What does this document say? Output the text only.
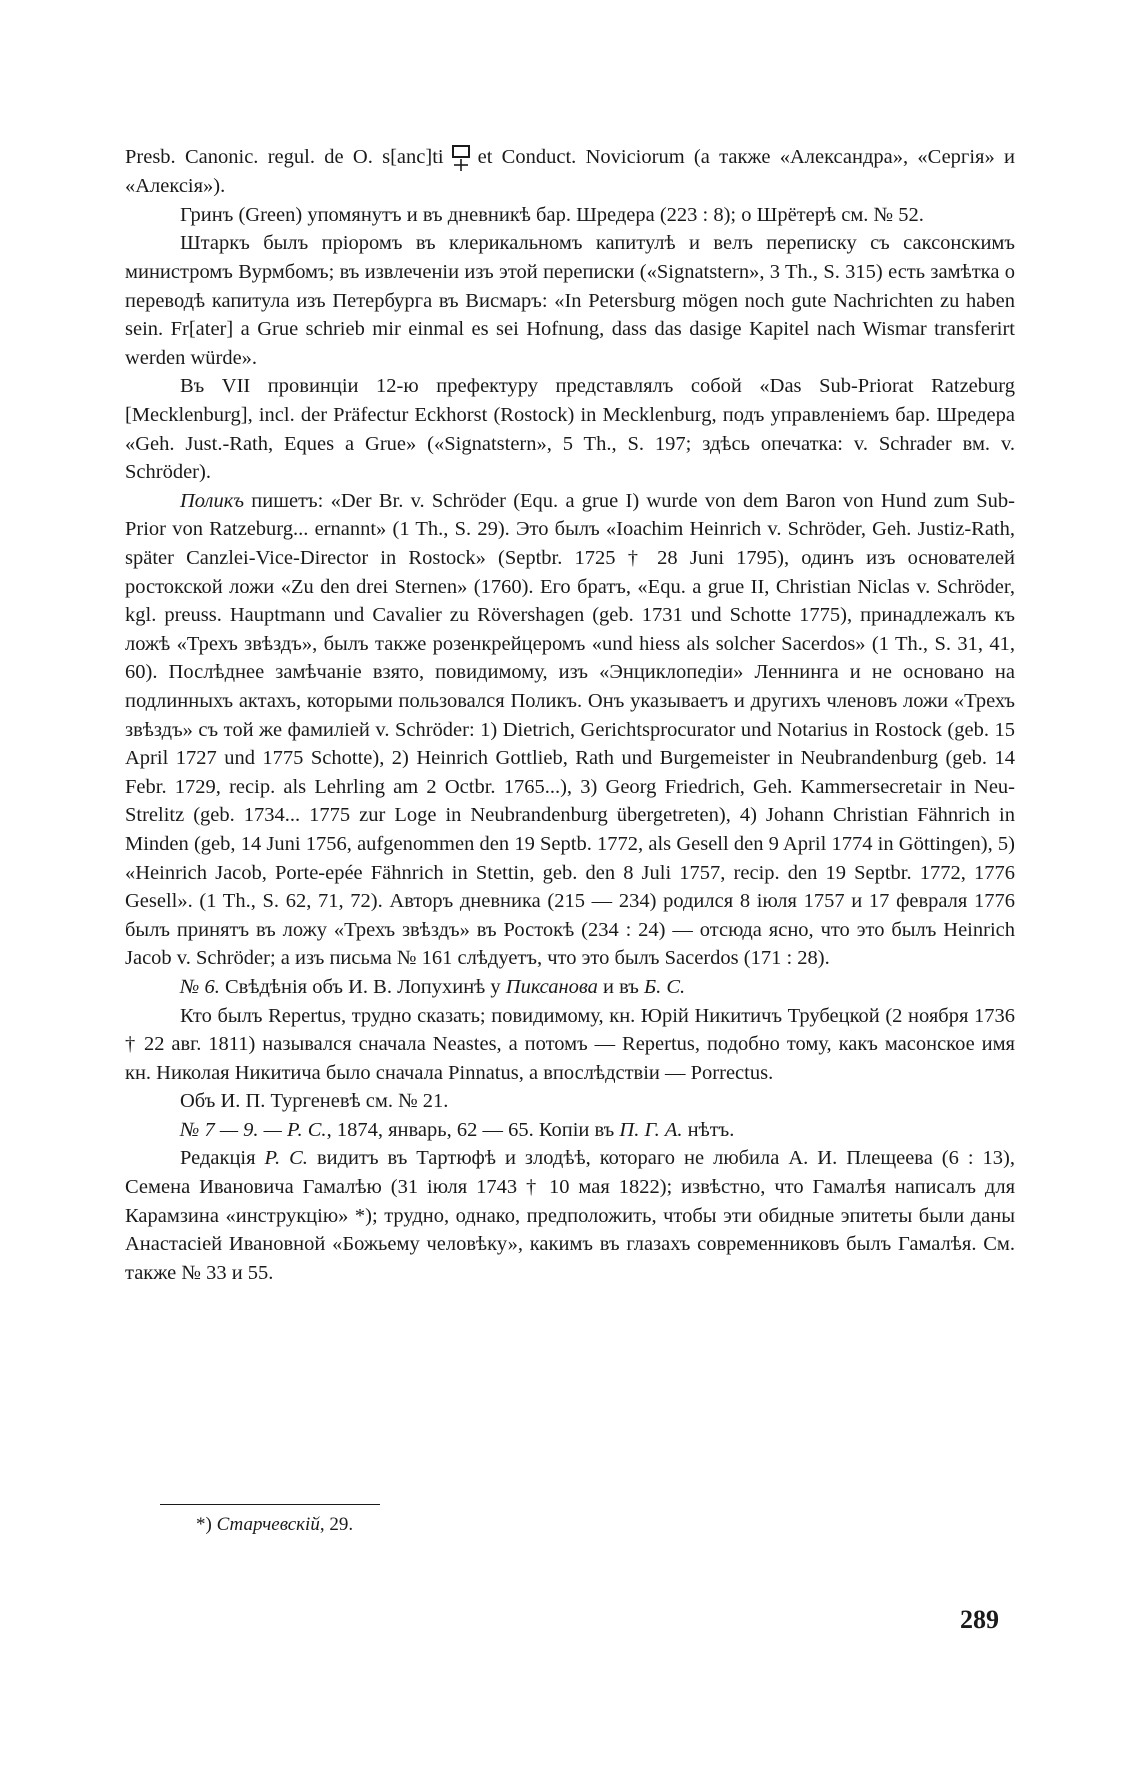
Presb. Canonic. regul. de O. s[anc]ti et Conduct. Noviciorum (а также «Александра», «Сергія» и «Алексія»).

Гринъ (Green) упомянутъ и въ дневникѣ бар. Шредера (223 : 8); о Шрётерѣ см. № 52.

Штаркъ былъ пріоромъ въ клерикальномъ капитулѣ и велъ переписку съ саксонскимъ министромъ Вурмбомъ; въ извлеченіи изъ этой переписки («Signatstern», 3 Th., S. 315) есть замѣтка о переводѣ капитула изъ Петербурга въ Висмаръ: «In Petersburg mögen noch gute Nachrichten zu haben sein. Fr[ater] a Grue schrieb mir einmal es sei Hofnung, dass das dasige Kapitel nach Wismar transferirt werden würde».

Въ VII провинціи 12-ю префектуру представлялъ собой «Das Sub-Priorat Ratzeburg [Mecklenburg], incl. der Präfectur Eckhorst (Rostock) in Mecklenburg, подъ управленіемъ бар. Шредера «Geh. Just.-Rath, Eques a Grue» («Signatstern», 5 Th., S. 197; здѣсь опечатка: v. Schrader вм. v. Schröder).

Поликъ пишетъ: «Der Br. v. Schröder (Equ. a grue I) wurde von dem Baron von Hund zum Sub-Prior von Ratzeburg... ernannt» (1 Th., S. 29). Это былъ «Ioachim Heinrich v. Schröder, Geh. Justiz-Rath, später Canzlei-Vice-Director in Rostock» (Septbr. 1725 † 28 Juni 1795), одинъ изъ основателей ростокской ложи «Zu den drei Sternen» (1760). Его братъ, «Equ. a grue II, Christian Niclas v. Schröder, kgl. preuss. Hauptmann und Cavalier zu Rövershagen (geb. 1731 und Schotte 1775), принадлежалъ къ ложѣ «Трехъ звѣздъ», былъ также розенкрейцеромъ «und hiess als solcher Sacerdos» (1 Th., S. 31, 41, 60). Послѣднее замѣчаніе взято, повидимому, изъ «Энциклопедіи» Леннинга и не основано на подлинныхъ актахъ, которыми пользовался Поликъ. Онъ указываетъ и другихъ членовъ ложи «Трехъ звѣздъ» съ той же фамиліей v. Schröder: 1) Dietrich, Gerichtsprocurator und Notarius in Rostock (geb. 15 April 1727 und 1775 Schotte), 2) Heinrich Gottlieb, Rath und Burgemeister in Neubrandenburg (geb. 14 Febr. 1729, recip. als Lehrling am 2 Octbr. 1765...), 3) Georg Friedrich, Geh. Kammersecretair in Neu-Strelitz (geb. 1734... 1775 zur Loge in Neubrandenburg übergetreten), 4) Johann Christian Fähnrich in Minden (geb, 14 Juni 1756, aufgenommen den 19 Septb. 1772, als Gesell den 9 April 1774 in Göttingen), 5) «Heinrich Jacob, Porte-epée Fähnrich in Stettin, geb. den 8 Juli 1757, recip. den 19 Septbr. 1772, 1776 Gesell». (1 Th., S. 62, 71, 72). Авторъ дневника (215 — 234) родился 8 іюля 1757 и 17 февраля 1776 былъ принятъ въ ложу «Трехъ звѣздъ» въ Ростокѣ (234 : 24) — отсюда ясно, что это былъ Heinrich Jacob v. Schröder; а изъ письма № 161 слѣдуетъ, что это былъ Sacerdos (171 : 28).

№ 6. Свѣдѣнія объ И. В. Лопухинѣ у Пиксанова и въ Б. С.

Кто былъ Repertus, трудно сказать; повидимому, кн. Юрій Никитичъ Трубецкой (2 ноября 1736 † 22 авг. 1811) назывался сначала Neastes, а потомъ — Repertus, подобно тому, какъ масонское имя кн. Николая Никитича было сначала Pinnatus, а впослѣдствіи — Porrectus.

Объ И. П. Тургеневѣ см. № 21.

№ 7 — 9. — Р. С., 1874, январь, 62 — 65. Копіи въ П. Г. А. нѣтъ.

Редакція Р. С. видитъ въ Тартюфѣ и злодѣѣ, котораго не любила А. И. Плещеева (6 : 13), Семена Ивановича Гамалѣю (31 іюля 1743 † 10 мая 1822); извѣстно, что Гамалѣя написалъ для Карамзина «инструкцію» *); трудно, однако, предположить, чтобы эти обидные эпитеты были даны Анастасіей Ивановной «Божьему человѣку», какимъ въ глазахъ современниковъ былъ Гамалѣя. См. также № 33 и 55.

*) Старчевскій, 29.
289
